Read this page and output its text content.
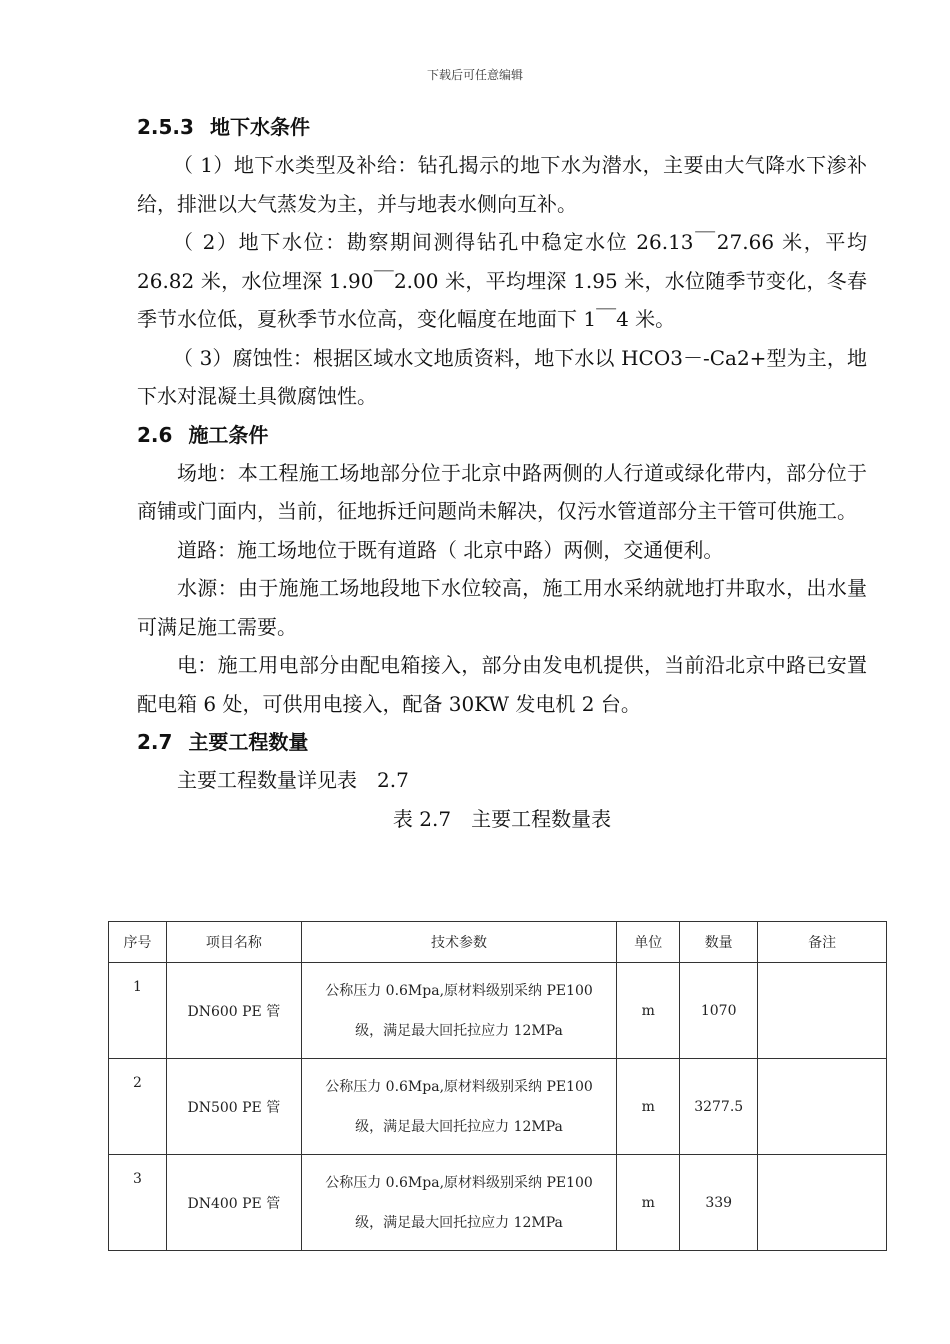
下载后可任意编辑
2.5.3 地下水条件

（ 1）地下水类型及补给：钻孔揭示的地下水为潜水，主要由大气降水下渗补给，排泄以大气蒸发为主，并与地表水侧向互补。

（ 2）地下水位：勘察期间测得钻孔中稳定水位 26.13￣27.66 米，平均 26.82 米，水位埋深 1.90￣2.00 米，平均埋深 1.95 米，水位随季节变化，冬春季节水位低，夏秋季节水位高，变化幅度在地面下 1￣4 米。

（ 3）腐蚀性：根据区域水文地质资料，地下水以 HCO3－-Ca2+型为主，地下水对混凝土具微腐蚀性。

2.6 施工条件

场地：本工程施工场地部分位于北京中路两侧的人行道或绿化带内，部分位于商铺或门面内，当前，征地拆迁问题尚未解决，仅污水管道部分主干管可供施工。

道路：施工场地位于既有道路（ 北京中路）两侧，交通便利。

水源：由于施施工场地段地下水位较高，施工用水采纳就地打井取水，出水量可满足施工需要。

电：施工用电部分由配电箱接入，部分由发电机提供，当前沿北京中路已安置配电箱 6 处，可供用电接入，配备 30KW 发电机 2 台。

2.7 主要工程数量

主要工程数量详见表　2.7

表 2.7　主要工程数量表

序号	项目名称	技术参数	单位	数量	备注
1	DN600 PE 管	公称压力 0.6Mpa,原材料级别采纳 PE100
级，满足最大回托拉应力 12MPa	m	1070	
2	DN500 PE 管	公称压力 0.6Mpa,原材料级别采纳 PE100
级，满足最大回托拉应力 12MPa	m	3277.5	
3	DN400 PE 管	公称压力 0.6Mpa,原材料级别采纳 PE100
级，满足最大回托拉应力 12MPa	m	339	
